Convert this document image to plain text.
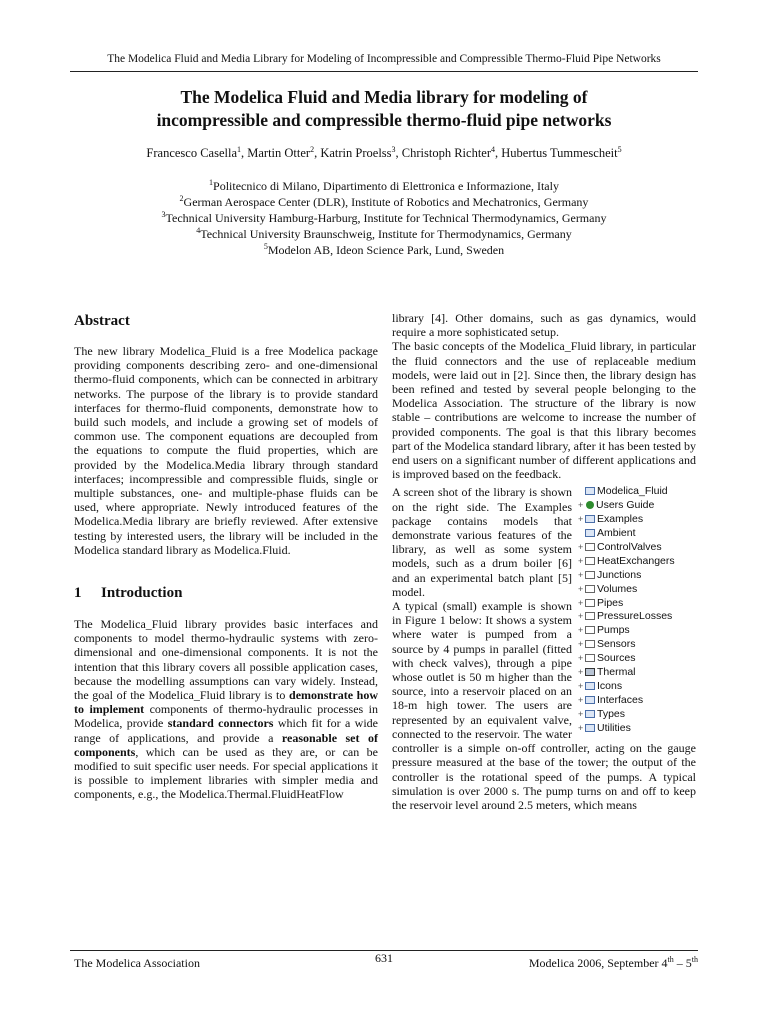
The Modelica Fluid and Media Library for Modeling of Incompressible and Compressible Thermo-Fluid Pipe Networks
The Modelica Fluid and Media library for modeling of
incompressible and compressible thermo-fluid pipe networks
Francesco Casella$^1$, Martin Otter$^2$, Katrin Proelss$^3$, Christoph Richter$^4$, Hubertus Tummescheit$^5$
$^1$Politecnico di Milano, Dipartimento di Elettronica e Informazione, Italy
$^2$German Aerospace Center (DLR), Institute of Robotics and Mechatronics, Germany
$^3$Technical University Hamburg-Harburg, Institute for Technical Thermodynamics, Germany
$^4$Technical University Braunschweig, Institute for Thermodynamics, Germany
$^5$Modelon AB, Ideon Science Park, Lund, Sweden
Abstract

The new library Modelica_Fluid is a free Modelica package providing components describing zero- and one-dimensional thermo-fluid components, which can be connected in arbitrary networks. The purpose of the library is to provide standard interfaces for thermo-fluid components, demonstrate how to build such models, and include a growing set of models of common use. The component equations are decoupled from the equations to compute the fluid properties, which are provided by the Modelica.Media library through standard interfaces; incompressible and compressible fluids, single or multiple substances, one- and multiple-phase fluids can be used, where appropriate. Newly introduced features of the Modelica.Media library are briefly reviewed. After extensive testing by interested users, the library will be included in the Modelica standard library as Modelica.Fluid.

1 Introduction

The Modelica_Fluid library provides basic interfaces and components to model thermo-hydraulic systems with zero-dimensional and one-dimensional components. It is not the intention that this library covers all possible application cases, because the modelling assumptions can vary widely. Instead, the goal of the Modelica_Fluid library is to demonstrate how to implement components of thermo-hydraulic processes in Modelica, provide standard connectors which fit for a wide range of applications, and provide a reasonable set of components, which can be used as they are, or can be modified to suit specific user needs. For special applications it is possible to implement libraries with simpler media and components, e.g., the Modelica.Thermal.FluidHeatFlow

library [4]. Other domains, such as gas dynamics, would require a more sophisticated setup.

The basic concepts of the Modelica_Fluid library, in particular the fluid connectors and the use of replaceable medium models, were laid out in [2]. Since then, the library design has been refined and tested by several people belonging to the Modelica Association. The structure of the library is now stable – contributions are welcome to increase the number of provided components. The goal is that this library becomes part of the Modelica standard library, after it has been tested by end users on a significant number of different applications and is improved based on the feedback.

Modelica_Fluid
+ Users Guide
+ Examples
Ambient
+ ControlValves
+ HeatExchangers
+ Junctions
+ Volumes
+ Pipes
+ PressureLosses
+ Pumps
+ Sensors
+ Sources
+ Thermal
+ Icons
+ Interfaces
+ Types
+ Utilities

A screen shot of the library is shown on the right side. The Examples package contains models that demonstrate various features of the library, as well as some system models, such as a drum boiler [6] and an experimental batch plant [5] model.

A typical (small) example is shown in Figure 1 below: It shows a system where water is pumped from a source by 4 pumps in parallel (fitted with check valves), through a pipe whose outlet is 50 m higher than the source, into a reservoir placed on an 18-m high tower. The users are represented by an equivalent valve, connected to the reservoir. The water controller is a simple on-off controller, acting on the gauge pressure measured at the base of the tower; the output of the controller is the rotational speed of the pumps. A typical simulation is over 2000 s. The pump turns on and off to keep the reservoir level around 2.5 meters, which means

The Modelica Association	631	Modelica 2006, September 4th – 5th
